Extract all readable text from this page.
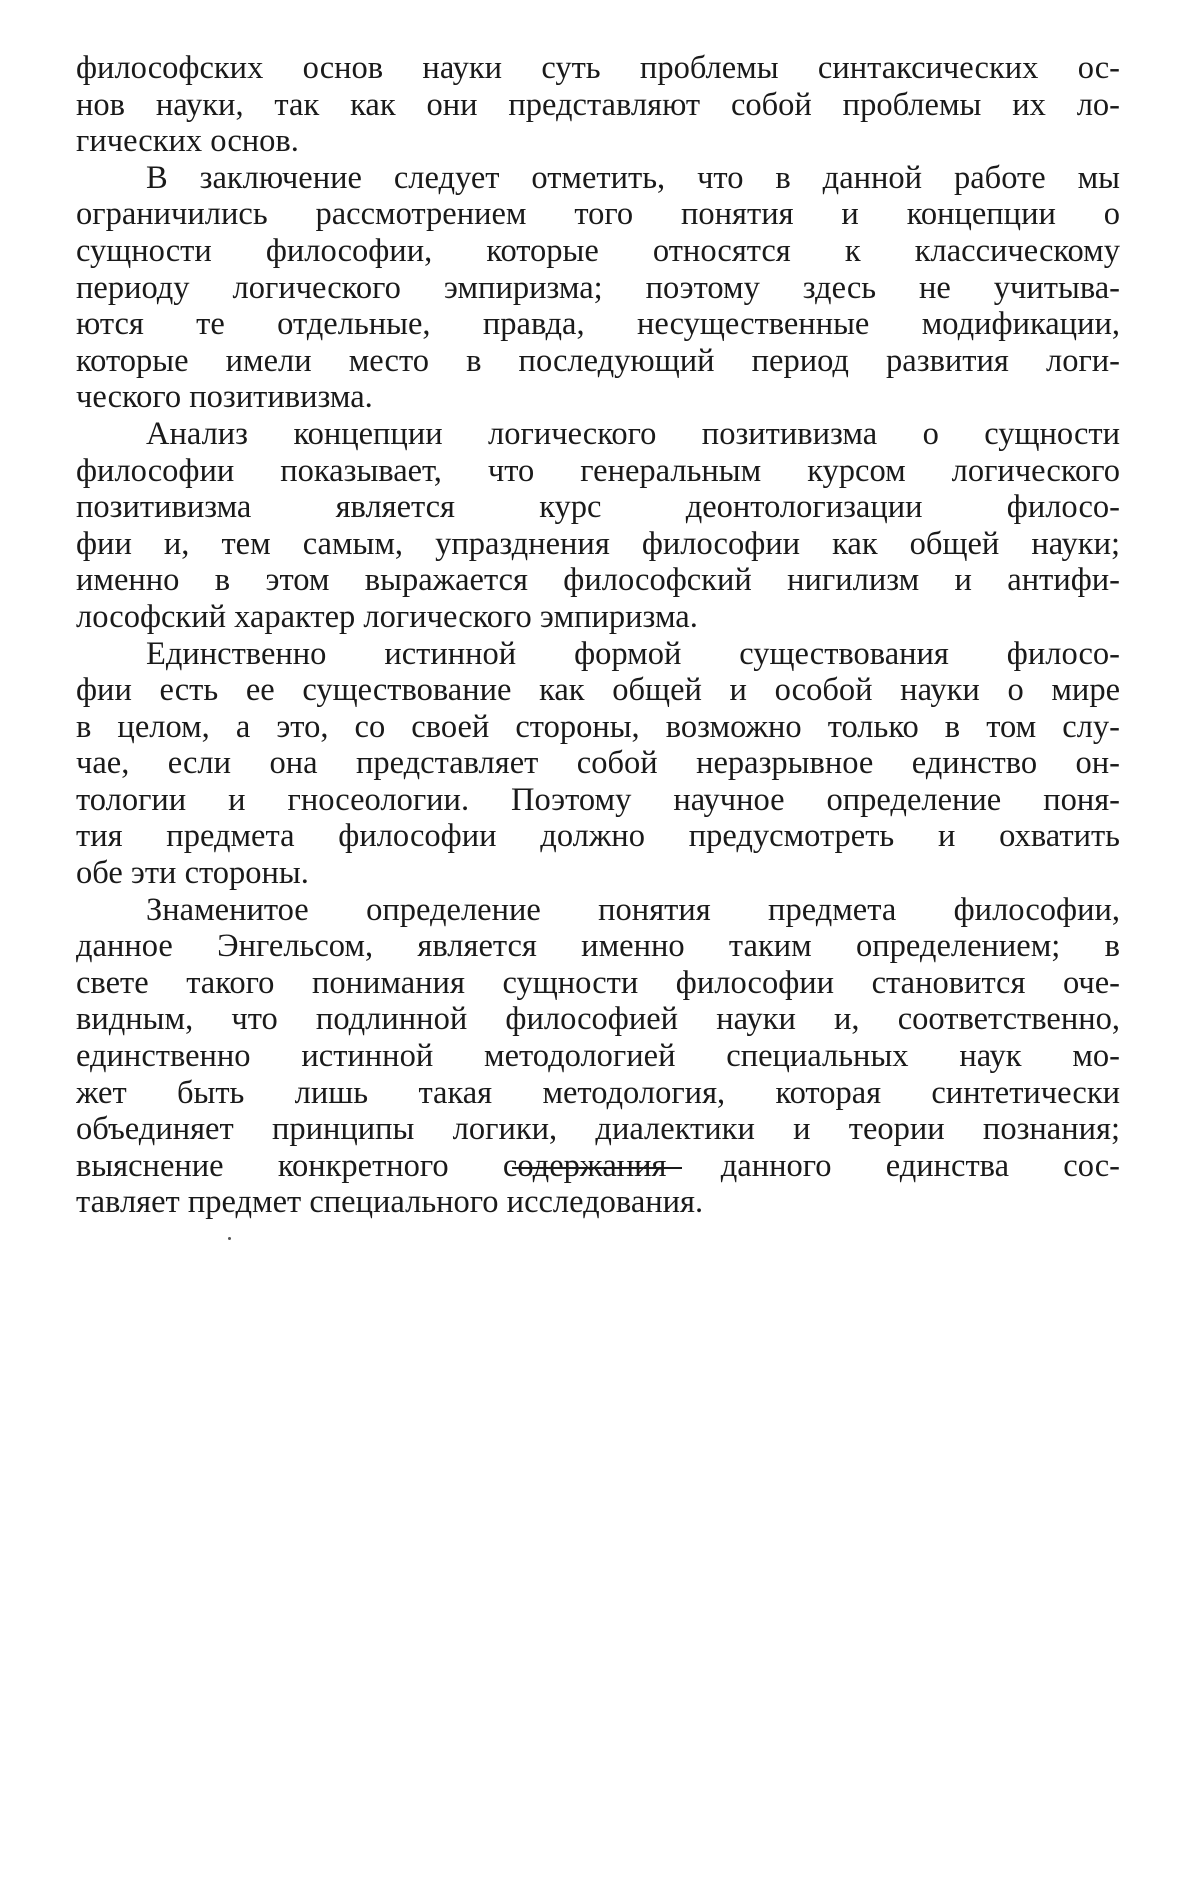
философских основ науки суть проблемы синтаксических ос-
нов науки, так как они представляют собой проблемы их ло-
гических основ.
В заключение следует отметить, что в данной работе мы
ограничились рассмотрением того понятия и концепции о
сущности философии, которые относятся к классическому
периоду логического эмпиризма; поэтому здесь не учитыва-
ются те отдельные, правда, несущественные модификации,
которые имели место в последующий период развития логи-
ческого позитивизма.
Анализ концепции логического позитивизма о сущности
философии показывает, что генеральным курсом логического
позитивизма является курс деонтологизации филосо-
фии и, тем самым, упразднения философии как общей науки;
именно в этом выражается философский нигилизм и антифи-
лософский характер логического эмпиризма.
Единственно истинной формой существования филосо-
фии есть ее существование как общей и особой науки о мире
в целом, а это, со своей стороны, возможно только в том слу-
чае, если она представляет собой неразрывное единство он-
тологии и гносеологии. Поэтому научное определение поня-
тия предмета философии должно предусмотреть и охватить
обе эти стороны.
Знаменитое определение понятия предмета философии,
данное Энгельсом, является именно таким определением; в
свете такого понимания сущности философии становится оче-
видным, что подлинной философией науки и, соответственно,
единственно истинной методологией специальных наук мо-
жет быть лишь такая методология, которая синтетически
объединяет принципы логики, диалектики и теории познания;
выяснение конкретного содержания данного единства сос-
тавляет предмет специального исследования.
